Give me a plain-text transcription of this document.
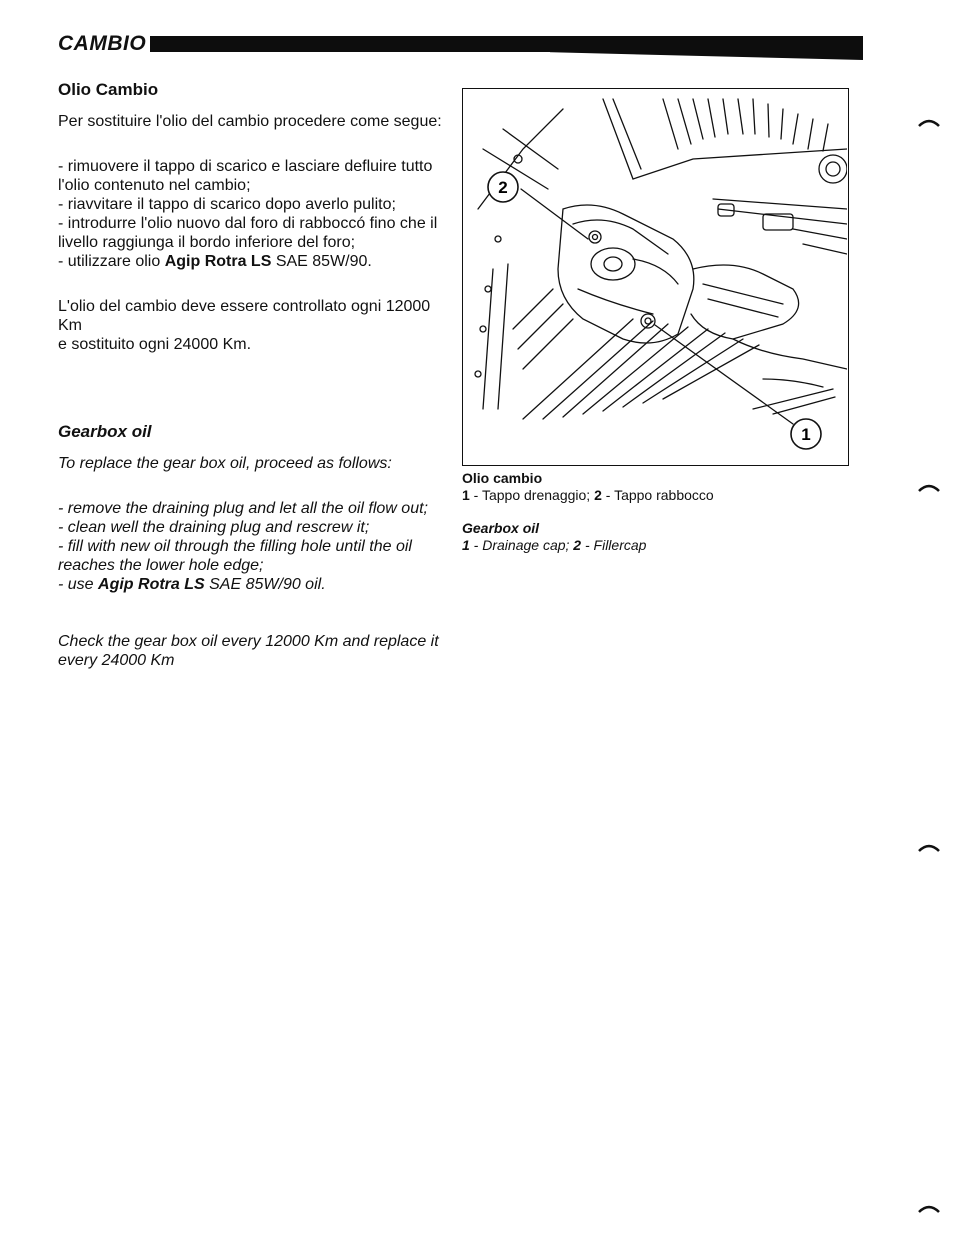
CAMBIO
Olio Cambio

Per sostituire l'olio del cambio procedere come segue:

- rimuovere il tappo di scarico e lasciare defluire tutto
l'olio contenuto nel cambio;
- riavvitare il tappo di scarico dopo averlo pulito;
- introdurre l'olio nuovo dal foro di rabboccó fino che il
livello raggiunga il bordo inferiore del foro;
- utilizzare olio Agip Rotra LS SAE 85W/90.

L'olio del cambio deve essere controllato ogni 12000 Km
e sostituito ogni 24000 Km.

Gearbox oil

To replace the gear box oil, proceed as follows:

- remove the draining plug and let all the oil flow out;
- clean well the draining plug and rescrew it;
- fill with new oil through the filling hole until the oil
reaches the lower hole edge;
- use Agip Rotra LS SAE 85W/90 oil.

Check the gear box oil every 12000 Km and replace it
every 24000 Km

2
1
Olio cambio
1 - Tappo drenaggio; 2 - Tappo rabbocco
Gearbox oil
1 - Drainage cap; 2 - Fillercap
